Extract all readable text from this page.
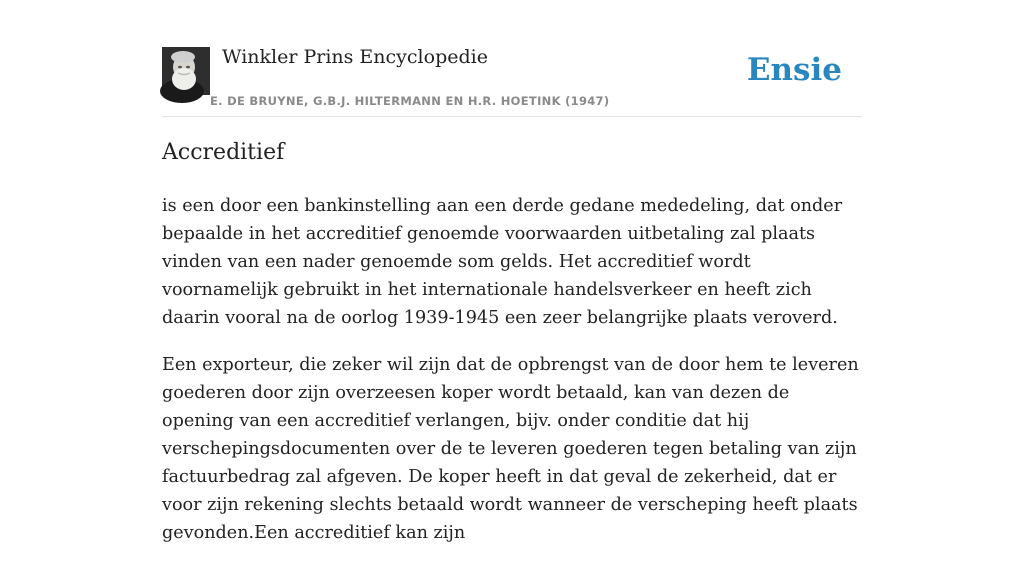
Winkler Prins Encyclopedie
E. DE BRUYNE, G.B.J. HILTERMANN EN H.R. HOETINK (1947)
Ensie
Accreditief

is een door een bankinstelling aan een derde gedane mededeling, dat onder bepaalde in het accreditief genoemde voorwaarden uitbetaling zal plaats vinden van een nader genoemde som gelds. Het accreditief wordt voornamelijk gebruikt in het internationale handelsverkeer en heeft zich daarin vooral na de oorlog 1939-1945 een zeer belangrijke plaats veroverd.

Een exporteur, die zeker wil zijn dat de opbrengst van de door hem te leveren goederen door zijn overzeesen koper wordt betaald, kan van dezen de opening van een accreditief verlangen, bijv. onder conditie dat hij verschepingsdocumenten over de te leveren goederen tegen betaling van zijn factuurbedrag zal afgeven. De koper heeft in dat geval de zekerheid, dat er voor zijn rekening slechts betaald wordt wanneer de verscheping heeft plaats gevonden.Een accreditief kan zijn
